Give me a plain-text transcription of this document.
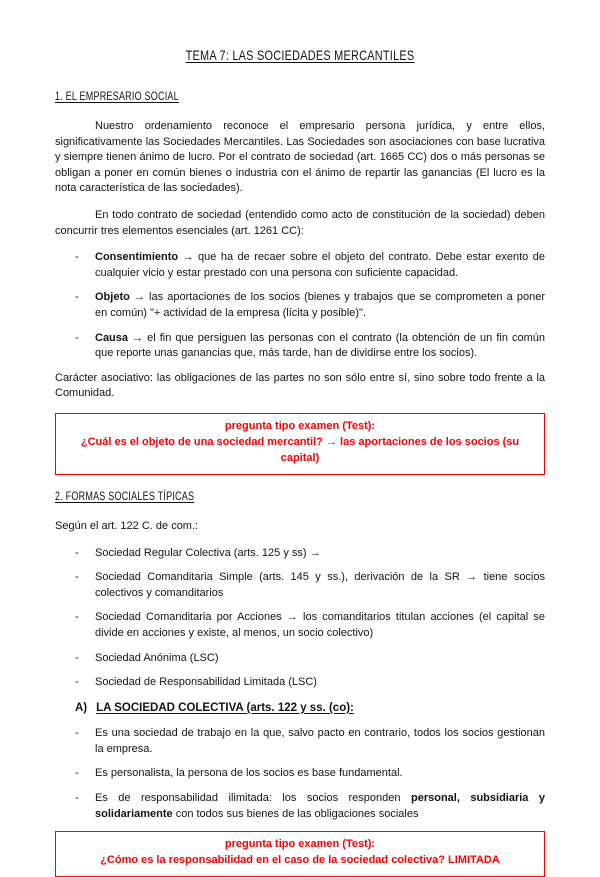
TEMA 7: LAS SOCIEDADES MERCANTILES
1. EL EMPRESARIO SOCIAL

Nuestro ordenamiento reconoce el empresario persona jurídica, y entre ellos, significativamente las Sociedades Mercantiles. Las Sociedades son asociaciones con base lucrativa y siempre tienen ánimo de lucro. Por el contrato de sociedad (art. 1665 CC) dos o más personas se obligan a poner en común bienes o industria con el ánimo de repartir las ganancias (El lucro es la nota característica de las sociedades).

En todo contrato de sociedad (entendido como acto de constitución de la sociedad) deben concurrir tres elementos esenciales (art. 1261 CC):

- Consentimiento → que ha de recaer sobre el objeto del contrato. Debe estar exento de cualquier vicio y estar prestado con una persona con suficiente capacidad.
- Objeto → las aportaciones de los socios (bienes y trabajos que se comprometen a poner en común) "+ actividad de la empresa (lícita y posible)".
- Causa → el fin que persiguen las personas con el contrato (la obtención de un fin común que reporte unas ganancias que, más tarde, han de dividirse entre los socios).

Carácter asociativo: las obligaciones de las partes no son sólo entre sí, sino sobre todo frente a la Comunidad.

pregunta tipo examen (Test):
¿Cuál es el objeto de una sociedad mercantil? → las aportaciones de los socios (su capital)
2. FORMAS SOCIALES TÍPICAS

Según el art. 122 C. de com.:

- Sociedad Regular Colectiva (arts. 125 y ss) →
- Sociedad Comanditaria Simple (arts. 145 y ss.), derivación de la SR → tiene socios colectivos y comanditarios
- Sociedad Comanditaria por Acciones → los comanditarios titulan acciones (el capital se divide en acciones y existe, al menos, un socio colectivo)
- Sociedad Anónima (LSC)
- Sociedad de Responsabilidad Limitada (LSC)
A) LA SOCIEDAD COLECTIVA (arts. 122 y ss. (co):
- Es una sociedad de trabajo en la que, salvo pacto en contrario, todos los socios gestionan la empresa.
- Es personalista, la persona de los socios es base fundamental.
- Es de responsabilidad ilimitada: los socios responden personal, subsidiaria y solidariamente con todos sus bienes de las obligaciones sociales
pregunta tipo examen (Test):
¿Cómo es la responsabilidad en el caso de la sociedad colectiva? LIMITADA
